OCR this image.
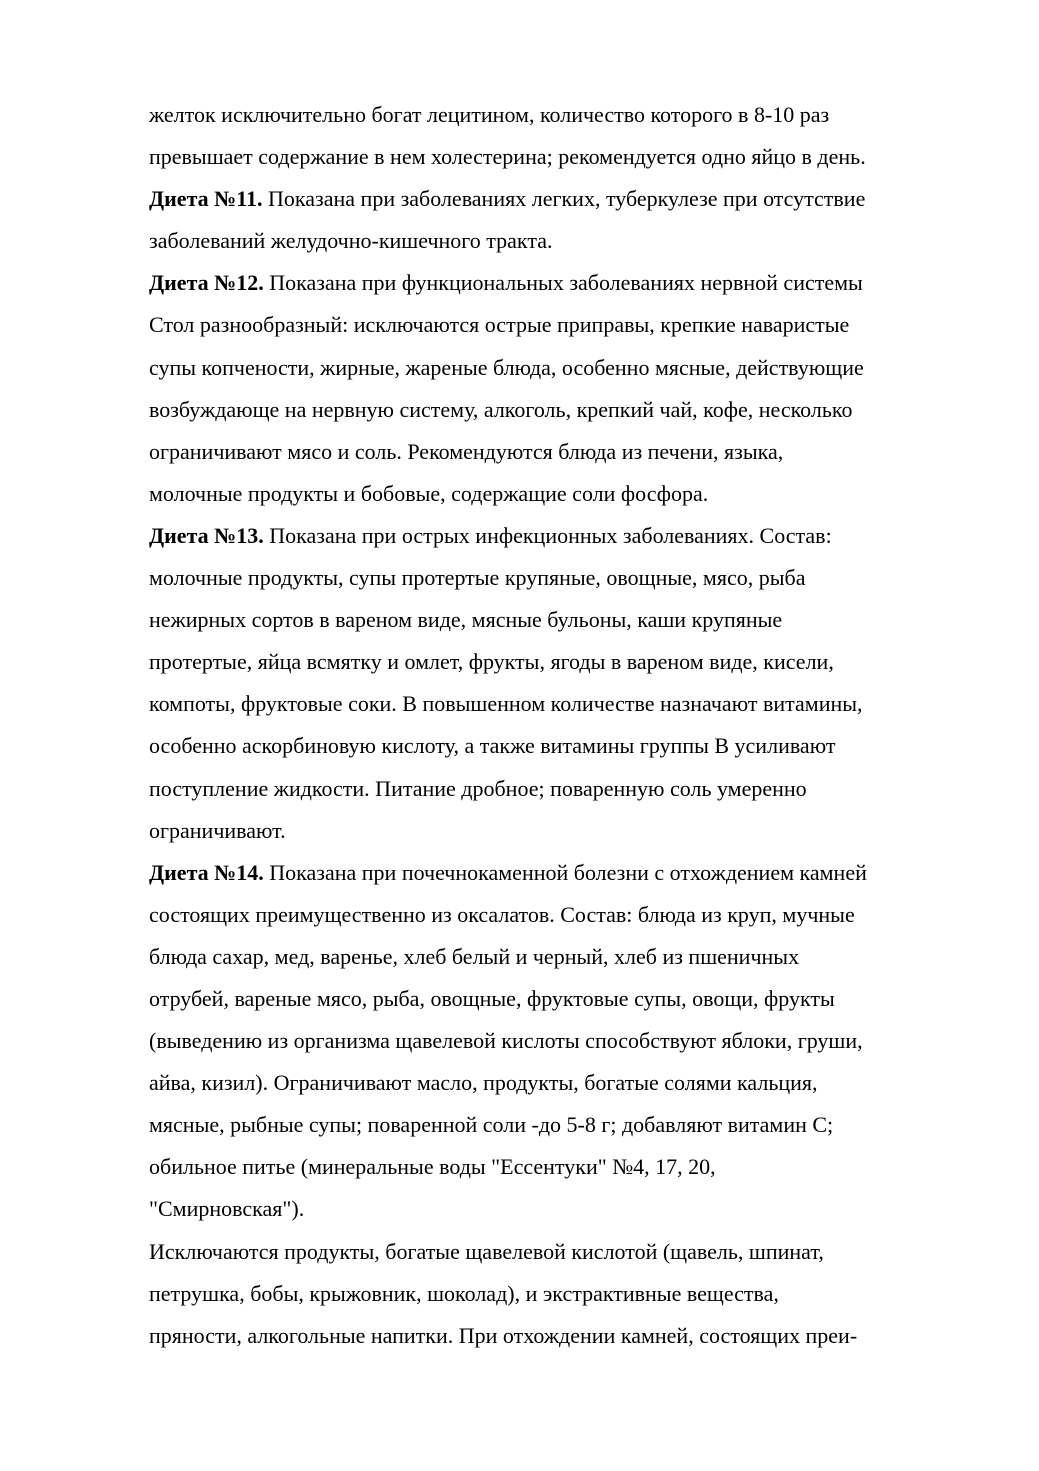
желток исключительно богат лецитином, количество которого в 8-10 раз
превышает содержание в нем холестерина; рекомендуется одно яйцо в день.
Диета №11. Показана при заболеваниях легких, туберкулезе при отсутствие
заболеваний желудочно-кишечного тракта.
Диета №12. Показана при функциональных заболеваниях нервной системы
Стол разнообразный: исключаются острые приправы, крепкие наваристые
супы копчености, жирные, жареные блюда, особенно мясные, действующие
возбуждающе на нервную систему, алкоголь, крепкий чай, кофе, несколько
ограничивают мясо и соль. Рекомендуются блюда из печени, языка,
молочные продукты и бобовые, содержащие соли фосфора.
Диета №13. Показана при острых инфекционных заболеваниях. Состав:
молочные продукты, супы протертые крупяные, овощные, мясо, рыба
нежирных сортов в вареном виде, мясные бульоны, каши крупяные
протертые, яйца всмятку и омлет, фрукты, ягоды в вареном виде, кисели,
компоты, фруктовые соки. В повышенном количестве назначают витамины,
особенно аскорбиновую кислоту, а также витамины группы В усиливают
поступление жидкости. Питание дробное; поваренную соль умеренно
ограничивают.
Диета №14. Показана при почечнокаменной болезни с отхождением камней
состоящих преимущественно из оксалатов. Состав: блюда из круп, мучные
блюда сахар, мед, варенье, хлеб белый и черный, хлеб из пшеничных
отрубей, вареные мясо, рыба, овощные, фруктовые супы, овощи, фрукты
(выведению из организма щавелевой кислоты способствуют яблоки, груши,
айва, кизил). Ограничивают масло, продукты, богатые солями кальция,
мясные, рыбные супы; поваренной соли -до 5-8 г; добавляют витамин С;
обильное питье (минеральные воды "Ессентуки" №4, 17, 20,
"Смирновская").
Исключаются продукты, богатые щавелевой кислотой (щавель, шпинат,
петрушка, бобы, крыжовник, шоколад), и экстрактивные вещества,
пряности, алкогольные напитки. При отхождении камней, состоящих преи-
